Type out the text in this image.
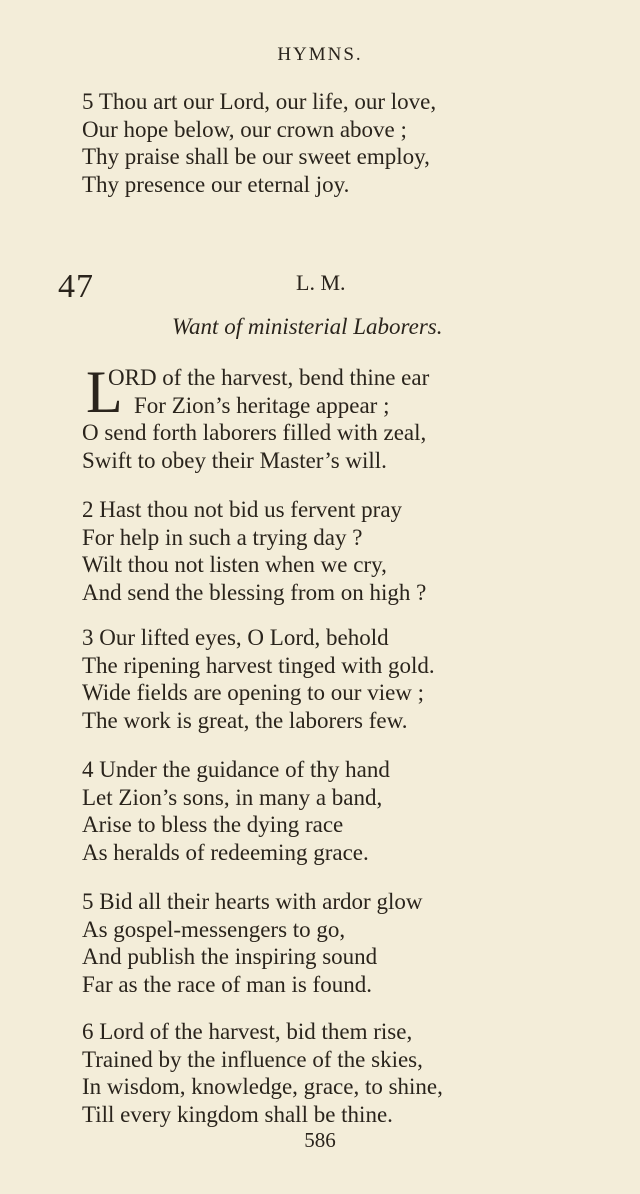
HYMNS.
5 Thou art our Lord, our life, our love,
Our hope below, our crown above ;
Thy praise shall be our sweet employ,
Thy presence our eternal joy.
47	L. M.
Want of ministerial Laborers.
L
ORD of the harvest, bend thine ear
For Zion’s heritage appear ;
O send forth laborers filled with zeal,
Swift to obey their Master’s will.
2 Hast thou not bid us fervent pray
For help in such a trying day ?
Wilt thou not listen when we cry,
And send the blessing from on high ?
3 Our lifted eyes, O Lord, behold
The ripening harvest tinged with gold.
Wide fields are opening to our view ;
The work is great, the laborers few.
4 Under the guidance of thy hand
Let Zion’s sons, in many a band,
Arise to bless the dying race
As heralds of redeeming grace.
5 Bid all their hearts with ardor glow
As gospel-messengers to go,
And publish the inspiring sound
Far as the race of man is found.
6 Lord of the harvest, bid them rise,
Trained by the influence of the skies,
In wisdom, knowledge, grace, to shine,
Till every kingdom shall be thine.
586
